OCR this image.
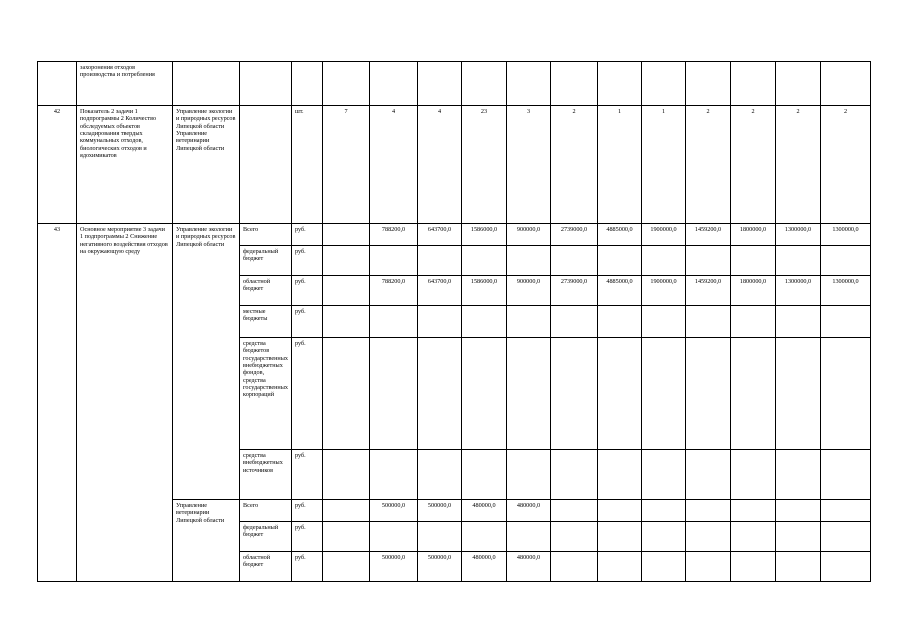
	захоронения отходов производства и потребления															
42	Показатель 2 задачи 1 подпрограммы 2 Количество обследуемых объектов складирования твердых коммунальных отходов, биологических отходов и ядохимикатов	Управление экологии и природных ресурсов Липецкой области Управление ветеринарии Липецкой области		шт.	7	4	4	23	3	2	1	1	2	2	2	2
43	Основное мероприятие 3 задачи 1 подпрограммы 2 Снижение негативного воздействия отходов на окружающую среду	Управление экологии и природных ресурсов Липецкой области	Всего	руб.		788200,0	643700,0	1586000,0	900000,0	2739000,0	4885000,0	1900000,0	1459200,0	1800000,0	1300000,0	1300000,0
			федеральный бюджет	руб.												
			областной бюджет	руб.		788200,0	643700,0	1586000,0	900000,0	2739000,0	4885000,0	1900000,0	1459200,0	1800000,0	1300000,0	1300000,0
			местные бюджеты	руб.												
			средства бюджетов государственных внебюджетных фондов, средства государственных корпораций	руб.												
			средства внебюджетных источников	руб.												
		Управление ветеринарии Липецкой области	Всего	руб.		500000,0	500000,0	480000,0	480000,0							
			федеральный бюджет	руб.												
			областной бюджет	руб.		500000,0	500000,0	480000,0	480000,0							
